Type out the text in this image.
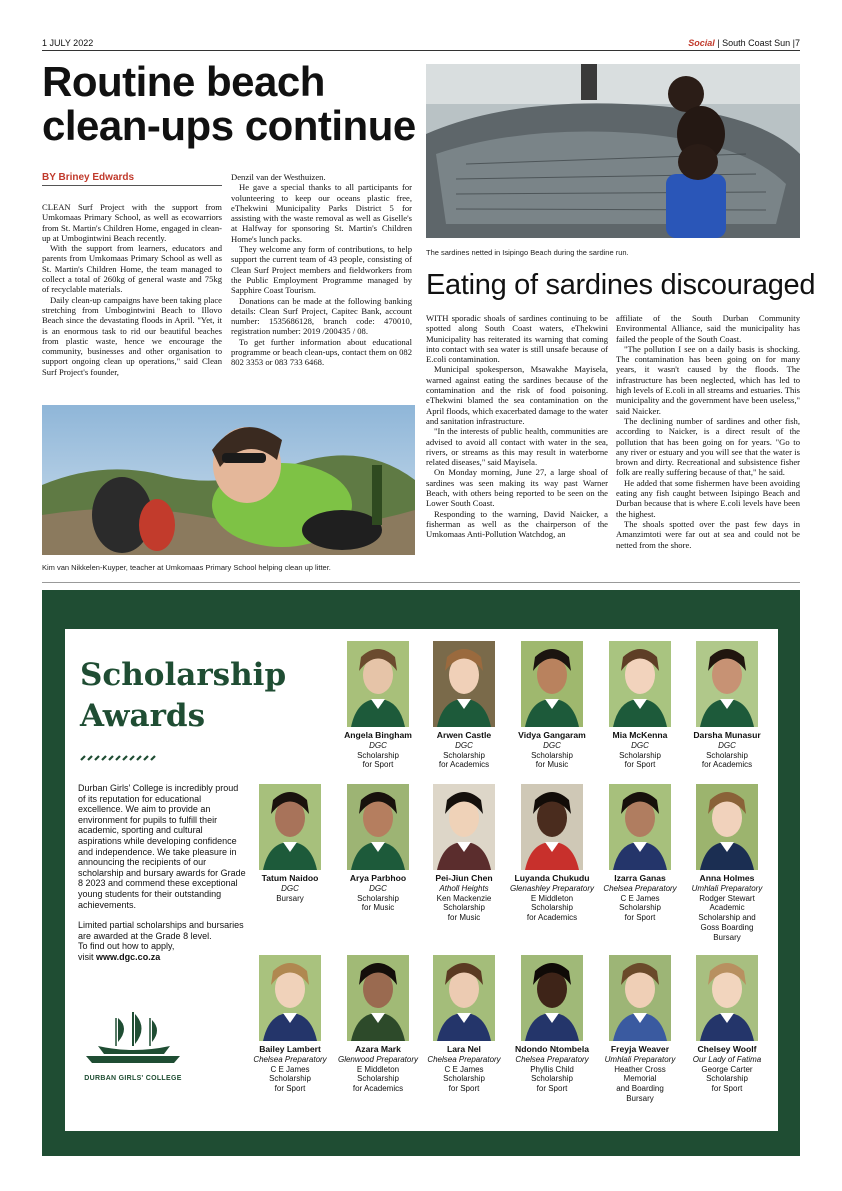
1 JULY 2022	Social | South Coast Sun |7
Routine beach clean-ups continue
BY Briney Edwards

CLEAN Surf Project with the support from Umkomaas Primary School, as well as ecowarriors from St. Martin's Children Home, engaged in clean-up at Umbogintwini Beach recently.

With the support from learners, educators and parents from Umkomaas Primary School as well as St. Martin's Children Home, the team managed to collect a total of 260kg of general waste and 75kg of recyclable materials.

Daily clean-up campaigns have been taking place stretching from Umbogintwini Beach to Illovo Beach since the devastating floods in April. "Yet, it is an enormous task to rid our beautiful beaches from plastic waste, hence we encourage the community, businesses and other organisation to support ongoing clean up operations," said Clean Surf Project's founder,

Denzil van der Westhuizen.

He gave a special thanks to all participants for volunteering to keep our oceans plastic free, eThekwini Municipality Parks District 5 for assisting with the waste removal as well as Giselle's at Halfway for sponsoring St. Martin's Children Home's lunch packs.

They welcome any form of contributions, to help support the current team of 43 people, consisting of Clean Surf Project members and fieldworkers from the Public Employment Programme managed by Sapphire Coast Tourism.

Donations can be made at the following banking details: Clean Surf Project, Capitec Bank, account number: 1535686128, branch code: 470010, registration number: 2019 /200435 / 08.

To get further information about educational programme or beach clean-ups, contact them on 082 802 3353 or 083 733 6468.

Kim van Nikkelen-Kuyper, teacher at Umkomaas Primary School helping clean up litter.
The sardines netted in Isipingo Beach during the sardine run.
Eating of sardines discouraged

WITH sporadic shoals of sardines continuing to be spotted along South Coast waters, eThekwini Municipality has reiterated its warning that coming into contact with sea water is still unsafe because of E.coli contamination.

Municipal spokesperson, Msawakhe Mayisela, warned against eating the sardines because of the contamination and the risk of food poisoning. eThekwini blamed the sea contamination on the April floods, which exacerbated damage to the water and sanitation infrastructure.

"In the interests of public health, communities are advised to avoid all contact with water in the sea, rivers, or streams as this may result in waterborne related diseases," said Mayisela.

On Monday morning, June 27, a large shoal of sardines was seen making its way past Warner Beach, with others being reported to be seen on the Lower South Coast.

Responding to the warning, David Naicker, a fisherman as well as the chairperson of the Umkomaas Anti-Pollution Watchdog, an

affiliate of the South Durban Community Environmental Alliance, said the municipality has failed the people of the South Coast.

"The pollution I see on a daily basis is shocking. The contamination has been going on for many years, it wasn't caused by the floods. The infrastructure has been neglected, which has led to high levels of E.coli in all streams and estuaries. This municipality and the government have been useless," said Naicker.

The declining number of sardines and other fish, according to Naicker, is a direct result of the pollution that has been going on for years. "Go to any river or estuary and you will see that the water is brown and dirty. Recreational and subsistence fisher folk are really suffering because of that," he said.

He added that some fishermen have been avoiding eating any fish caught between Isipingo Beach and Durban because that is where E.coli levels have been the highest.

The shoals spotted over the past few days in Amanzimtoti were far out at sea and could not be netted from the shore.

Scholarship
Awards
Durban Girls' College is incredibly proud of its reputation for educational excellence. We aim to provide an environment for pupils to fulfill their academic, sporting and cultural aspirations while developing confidence and independence. We take pleasure in announcing the recipients of our scholarship and bursary awards for Grade 8 2023 and commend these exceptional young students for their outstanding achievements.
Limited partial scholarships and bursaries are awarded at the Grade 8 level.
To find out how to apply,
visit www.dgc.co.za
DURBAN GIRLS' COLLEGE
Angela Bingham
DGC
Scholarship
for Sport
Arwen Castle
DGC
Scholarship
for Academics
Vidya Gangaram
DGC
Scholarship
for Music
Mia McKenna
DGC
Scholarship
for Sport
Darsha Munasur
DGC
Scholarship
for Academics
Tatum Naidoo
DGC
Bursary
Arya Parbhoo
DGC
Scholarship
for Music
Pei-Jiun Chen
Atholl Heights
Ken Mackenzie
Scholarship
for Music
Luyanda Chukudu
Glenashley Preparatory
E Middleton
Scholarship
for Academics
Izarra Ganas
Chelsea Preparatory
C E James
Scholarship
for Sport
Anna Holmes
Umhlali Preparatory
Rodger Stewart
Academic
Scholarship and
Goss Boarding
Bursary
Bailey Lambert
Chelsea Preparatory
C E James
Scholarship
for Sport
Azara Mark
Glenwood Preparatory
E Middleton
Scholarship
for Academics
Lara Nel
Chelsea Preparatory
C E James
Scholarship
for Sport
Ndondo Ntombela
Chelsea Preparatory
Phyllis Child
Scholarship
for Sport
Freyja Weaver
Umhlali Preparatory
Heather Cross
Memorial
and Boarding
Bursary
Chelsey Woolf
Our Lady of Fatima
George Carter
Scholarship
for Sport
